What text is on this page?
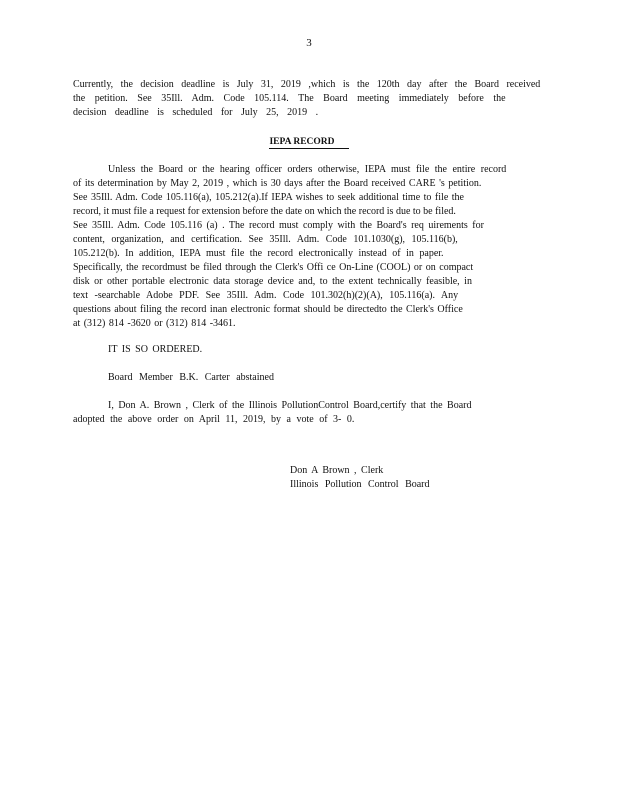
3
Currently, the decision deadline is July 31, 2019 ,which is the 120th day after the Board received
the petition. See 35Ill. Adm. Code 105.114. The Board meeting immediately before the
decision deadline is scheduled for July 25, 2019 .
IEPA RECORD
Unless the Board or the hearing officer orders otherwise, IEPA must file the entire record
of its determination by May 2, 2019 , which is 30 days after the Board received CARE 's petition.
See 35Ill. Adm. Code 105.116(a), 105.212(a).If IEPA wishes to seek additional time to file the
record, it must file a request for extension before the date on which the record is due to be filed.
See 35Ill. Adm. Code 105.116 (a) . The record must comply with the Board's req uirements for
content, organization, and certification. See 35Ill. Adm. Code 101.1030(g), 105.116(b),
105.212(b). In addition, IEPA must file the record electronically instead of in paper.
Specifically, the recordmust be filed through the Clerk's Offi ce On-Line (COOL) or on compact
disk or other portable electronic data storage device and, to the extent technically feasible, in
text -searchable Adobe PDF. See 35Ill. Adm. Code 101.302(h)(2)(A), 105.116(a). Any
questions about filing the record inan electronic format should be directedto the Clerk's Office
at (312) 814 -3620 or (312) 814 -3461.
IT IS SO ORDERED.
Board Member B.K. Carter abstained
I, Don A. Brown , Clerk of the Illinois PollutionControl Board,certify that the Board
adopted the above order on April 11, 2019, by a vote of 3- 0.
Don A Brown , Clerk
Illinois Pollution Control Board
